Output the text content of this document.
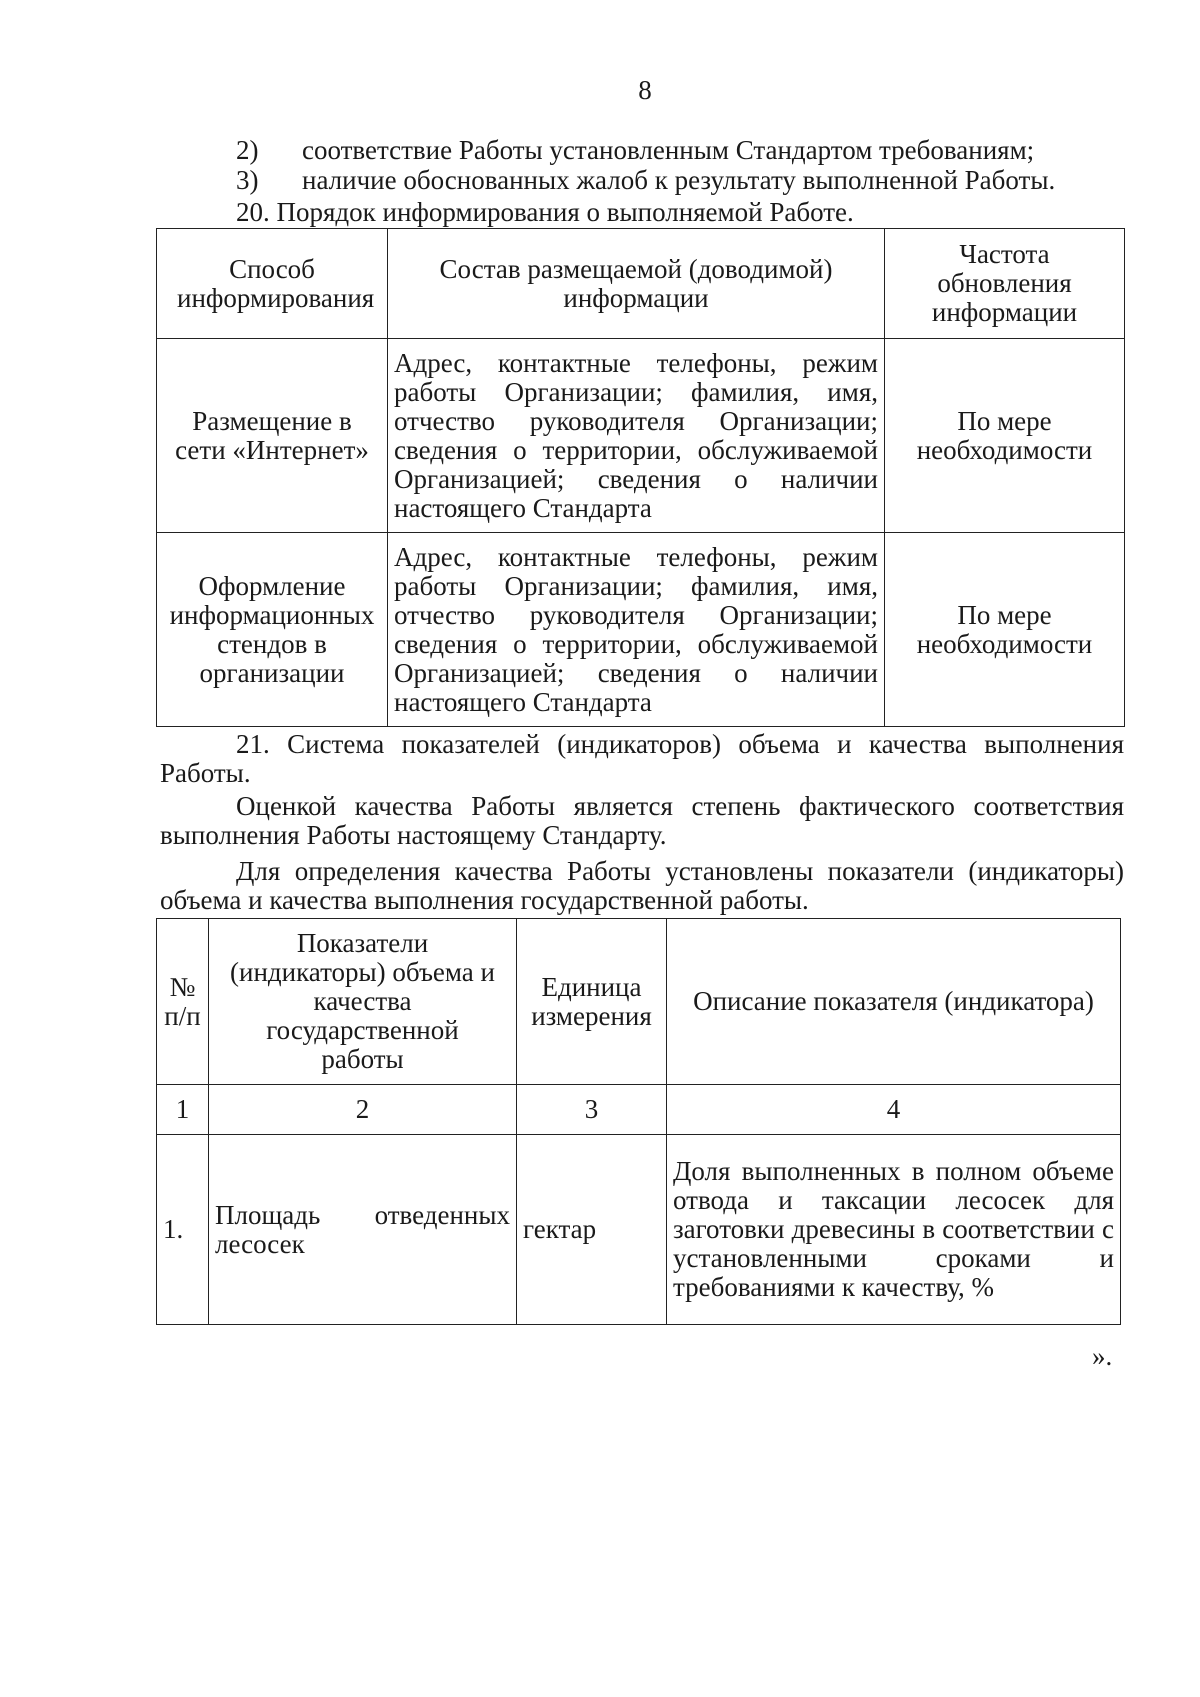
8
2) соответствие Работы установленным Стандартом требованиям;
3) наличие обоснованных жалоб к результату выполненной Работы.
20. Порядок информирования о выполняемой Работе.
Способ информирования	Состав размещаемой (доводимой) информации	Частота обновления информации
Размещение в сети «Интернет»	Адрес, контактные телефоны, режим работы Организации; фамилия, имя, отчество руководителя Организации; сведения о территории, обслуживаемой Организацией; сведения о наличии настоящего Стандарта	По мере необходимости
Оформление информационных стендов в организации	Адрес, контактные телефоны, режим работы Организации; фамилия, имя, отчество руководителя Организации; сведения о территории, обслуживаемой Организацией; сведения о наличии настоящего Стандарта	По мере необходимости
21. Система показателей (индикаторов) объема и качества выполнения Работы.
Оценкой качества Работы является степень фактического соответствия выполнения Работы настоящему Стандарту.
Для определения качества Работы установлены показатели (индикаторы) объема и качества выполнения государственной работы.
№ п/п	Показатели (индикаторы) объема и качества государственной работы	Единица измерения	Описание показателя (индикатора)
1	2	3	4
1.	Площадь отведенных лесосек	гектар	Доля выполненных в полном объеме отвода и таксации лесосек для заготовки древесины в соответствии с установленными сроками и требованиями к качеству, %
».
